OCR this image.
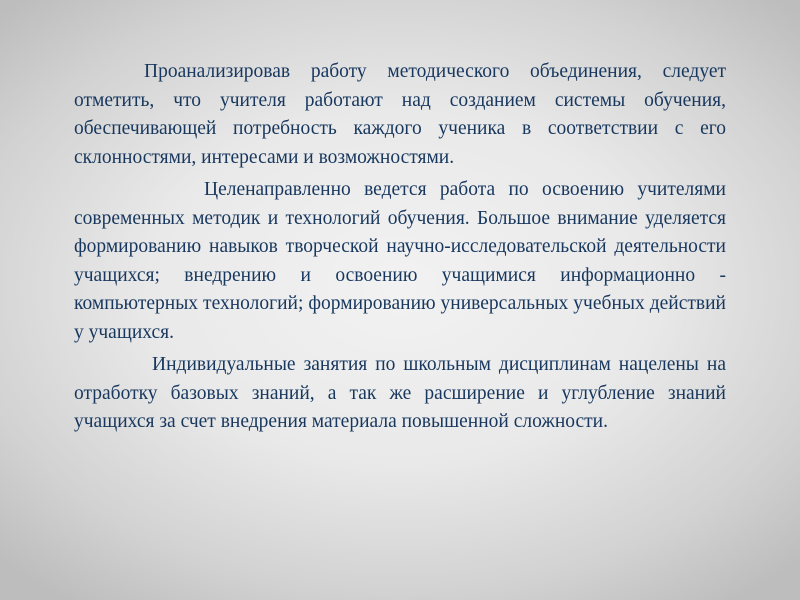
Проанализировав работу методического объединения, следует отметить, что учителя работают над созданием системы обучения, обеспечивающей потребность каждого ученика в соответствии с его склонностями, интересами и возможностями.

Целенаправленно ведется работа по освоению учителями современных методик и технологий обучения. Большое внимание уделяется формированию навыков творческой научно-исследовательской деятельности учащихся; внедрению и освоению учащимися информационно - компьютерных технологий; формированию универсальных учебных действий у учащихся.

Индивидуальные занятия по школьным дисциплинам нацелены на отработку базовых знаний, а так же расширение и углубление знаний учащихся за счет внедрения материала повышенной сложности.
